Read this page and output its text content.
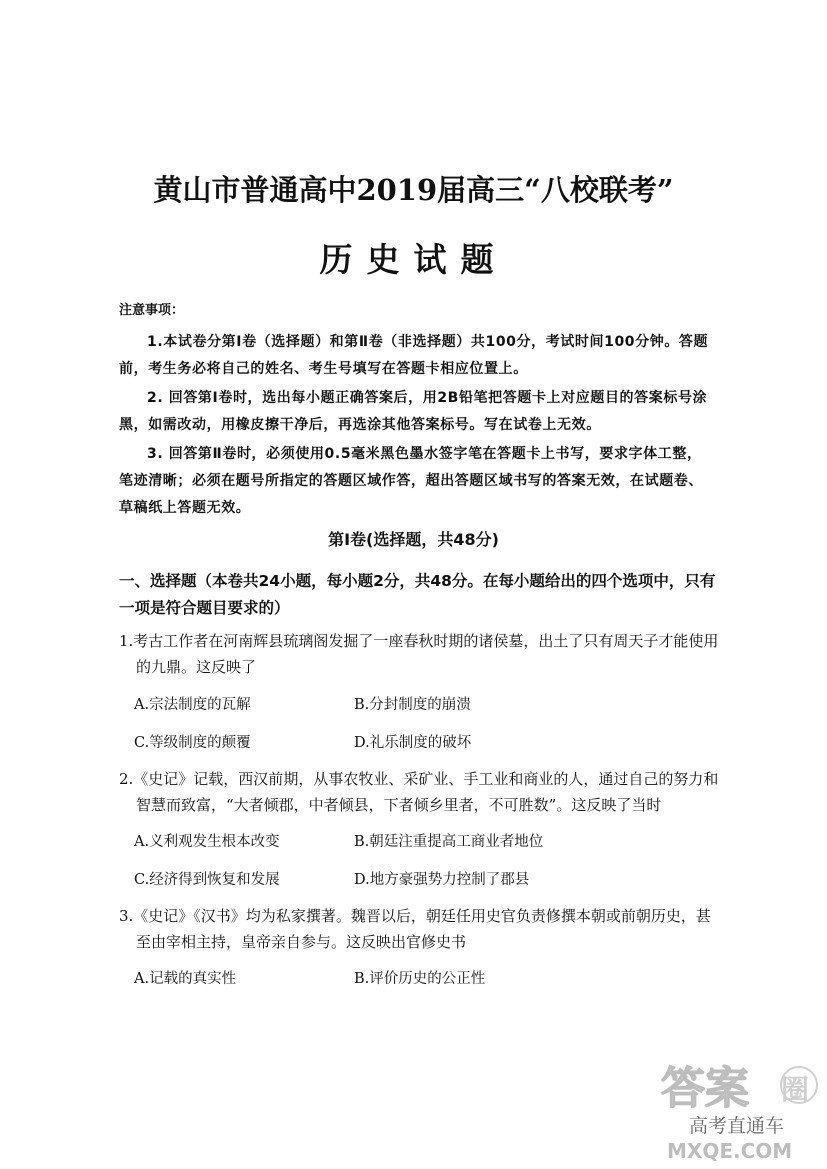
黄山市普通高中2019届高三“八校联考”
历史试题
注意事项：
1.本试卷分第Ⅰ卷（选择题）和第Ⅱ卷（非选择题）共100分，考试时间100分钟。答题前，考生务必将自己的姓名、考生号填写在答题卡相应位置上。
2. 回答第Ⅰ卷时，选出每小题正确答案后，用2B铅笔把答题卡上对应题目的答案标号涂黑，如需改动，用橡皮擦干净后，再选涂其他答案标号。写在试卷上无效。
3. 回答第Ⅱ卷时，必须使用0.5毫米黑色墨水签字笔在答题卡上书写，要求字体工整，笔迹清晰；必须在题号所指定的答题区域作答，超出答题区域书写的答案无效，在试题卷、草稿纸上答题无效。
第Ⅰ卷(选择题，共48分)
一、选择题（本卷共24小题，每小题2分，共48分。在每小题给出的四个选项中，只有一项是符合题目要求的）
1.考古工作者在河南辉县琉璃阁发掘了一座春秋时期的诸侯墓，出土了只有周天子才能使用的九鼎。这反映了
A.宗法制度的瓦解	B.分封制度的崩溃
C.等级制度的颠覆	D.礼乐制度的破坏
2.《史记》记载，西汉前期，从事农牧业、采矿业、手工业和商业的人，通过自己的努力和智慧而致富，“大者倾郡，中者倾县，下者倾乡里者，不可胜数”。这反映了当时
A.义利观发生根本改变	B.朝廷注重提高工商业者地位
C.经济得到恢复和发展	D.地方豪强势力控制了郡县
3.《史记》《汉书》均为私家撰著。魏晋以后，朝廷任用史官负责修撰本朝或前朝历史，甚至由宰相主持，皇帝亲自参与。这反映出官修史书
A.记载的真实性	B.评价历史的公正性
答案 圈
高考直通车
MXQE.COM
